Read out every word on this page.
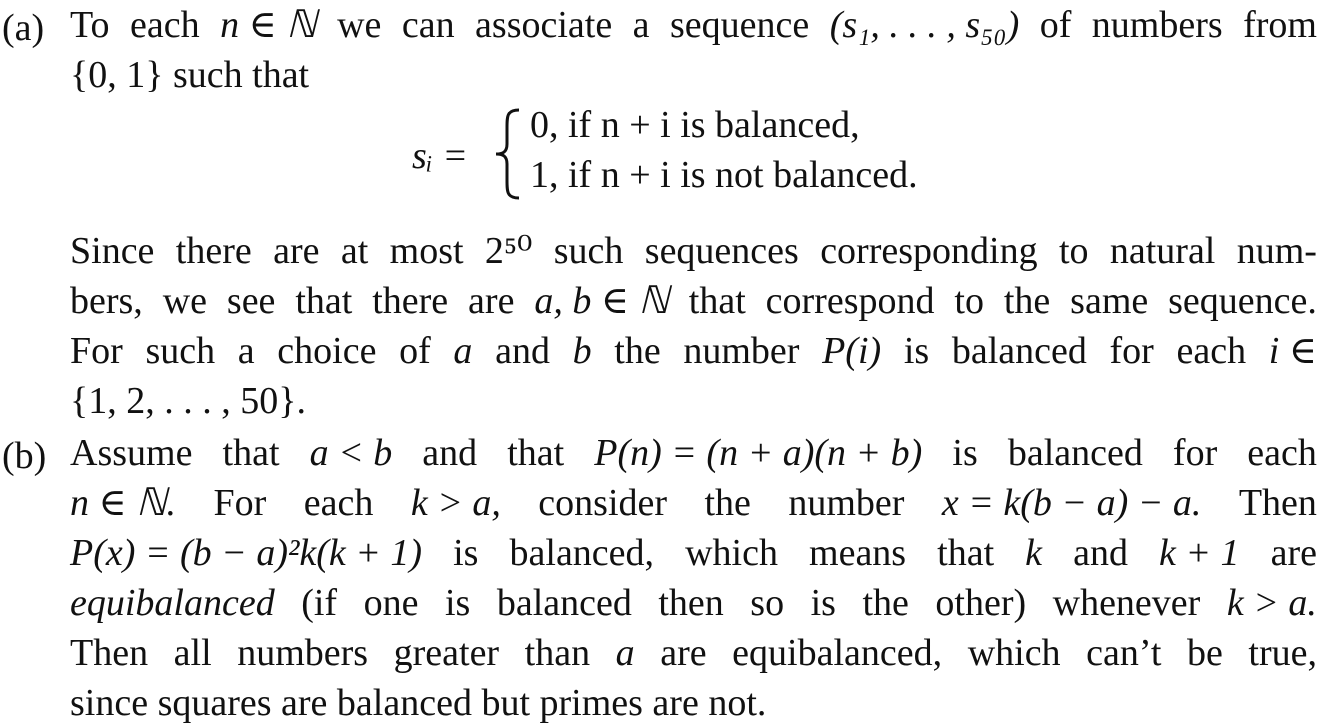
(a) To each n ∈ ℕ we can associate a sequence (s₁, . . . , s₅₀) of numbers from
{0, 1} such that
sᵢ =
0, if n + i is balanced,
1, if n + i is not balanced.
Since there are at most 2⁵⁰ such sequences corresponding to natural num-
bers, we see that there are a, b ∈ ℕ that correspond to the same sequence.
For such a choice of a and b the number P(i) is balanced for each i ∈
{1, 2, . . . , 50}.
(b) Assume that a < b and that P(n) = (n + a)(n + b) is balanced for each
n ∈ ℕ. For each k > a, consider the number x = k(b − a) − a. Then
P(x) = (b − a)²k(k + 1) is balanced, which means that k and k + 1 are
equibalanced (if one is balanced then so is the other) whenever k > a.
Then all numbers greater than a are equibalanced, which can’t be true,
since squares are balanced but primes are not.
